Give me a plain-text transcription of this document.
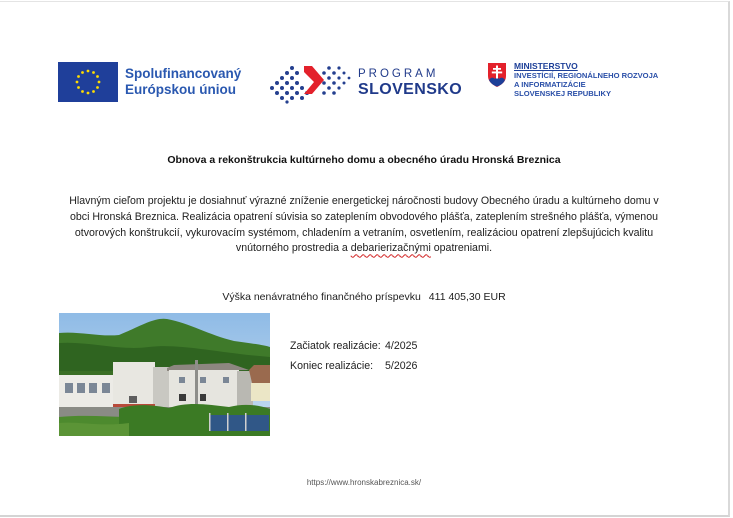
Spolufinancovaný
Európskou úniou
PROGRAM
SLOVENSKO
MINISTERSTVO
INVESTÍCIÍ, REGIONÁLNEHO ROZVOJA
A INFORMATIZÁCIE
SLOVENSKEJ REPUBLIKY
Obnova a rekonštrukcia kultúrneho domu a obecného úradu Hronská Breznica
Hlavným cieľom projektu je dosiahnuť výrazné zníženie energetickej náročnosti budovy Obecného úradu a kultúrneho domu v obci Hronská Breznica. Realizácia opatrení súvisia so zateplením obvodového plášťa, zateplením strešného plášťa, výmenou otvorových konštrukcií, vykurovacím systémom, chladením a vetraním, osvetlením, realizáciou opatrení zlepšujúcich kvalitu vnútorného prostredia a debarierizačnými opatreniami.
Výška nenávratného finančného príspevku 411 405,30 EUR
Začiatok realizácie: 4/2025
Koniec realizácie:	5/2026
https://www.hronskabreznica.sk/
